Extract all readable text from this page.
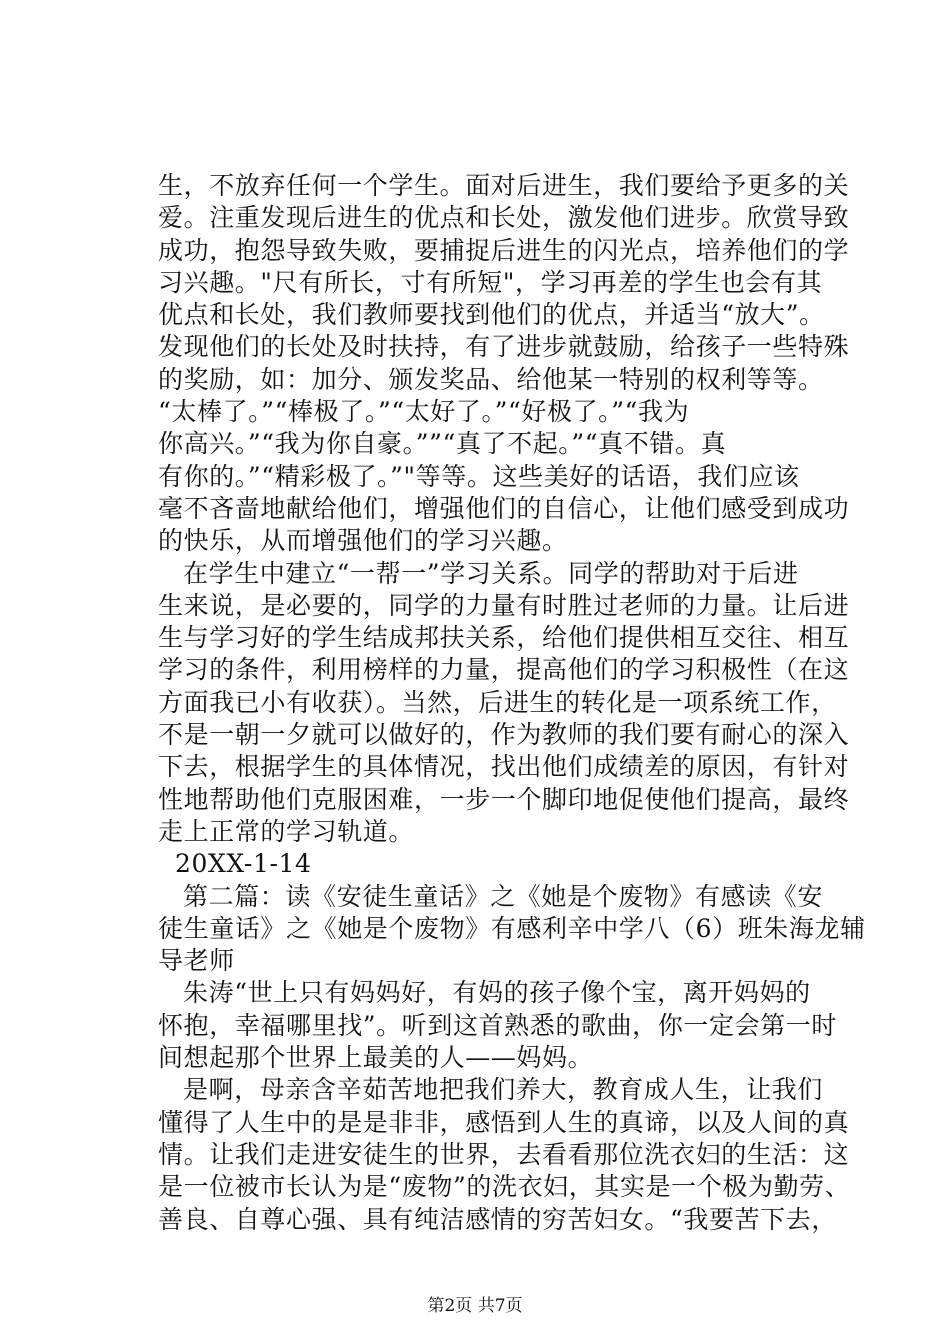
生，不放弃任何一个学生。面对后进生，我们要给予更多的关
爱。注重发现后进生的优点和长处，激发他们进步。欣赏导致
成功，抱怨导致失败，要捕捉后进生的闪光点，培养他们的学
习兴趣。"尺有所长，寸有所短"，学习再差的学生也会有其
优点和长处，我们教师要找到他们的优点，并适当“放大”。
发现他们的长处及时扶持，有了进步就鼓励，给孩子一些特殊
的奖励，如：加分、颁发奖品、给他某一特别的权利等等。
“太棒了。”“棒极了。”“太好了。”“好极了。”“我为
你高兴。”“我为你自豪。””“真了不起。”“真不错。真
有你的。”“精彩极了。”"等等。这些美好的话语，我们应该
毫不吝啬地献给他们，增强他们的自信心，让他们感受到成功
的快乐，从而增强他们的学习兴趣。
在学生中建立“一帮一”学习关系。同学的帮助对于后进
生来说，是必要的，同学的力量有时胜过老师的力量。让后进
生与学习好的学生结成邦扶关系，给他们提供相互交往、相互
学习的条件，利用榜样的力量，提高他们的学习积极性（在这
方面我已小有收获）。当然，后进生的转化是一项系统工作，
不是一朝一夕就可以做好的，作为教师的我们要有耐心的深入
下去，根据学生的具体情况，找出他们成绩差的原因，有针对
性地帮助他们克服困难，一步一个脚印地促使他们提高，最终
走上正常的学习轨道。
20XX-1-14
第二篇：读《安徒生童话》之《她是个废物》有感读《安
徒生童话》之《她是个废物》有感利辛中学八（6）班朱海龙辅
导老师
朱涛“世上只有妈妈好，有妈的孩子像个宝，离开妈妈的
怀抱，幸福哪里找”。听到这首熟悉的歌曲，你一定会第一时
间想起那个世界上最美的人——妈妈。
是啊，母亲含辛茹苦地把我们养大，教育成人生，让我们
懂得了人生中的是是非非，感悟到人生的真谛，以及人间的真
情。让我们走进安徒生的世界，去看看那位洗衣妇的生活：这
是一位被市长认为是“废物”的洗衣妇，其实是一个极为勤劳、
善良、自尊心强、具有纯洁感情的穷苦妇女。“我要苦下去，
第2页 共7页
